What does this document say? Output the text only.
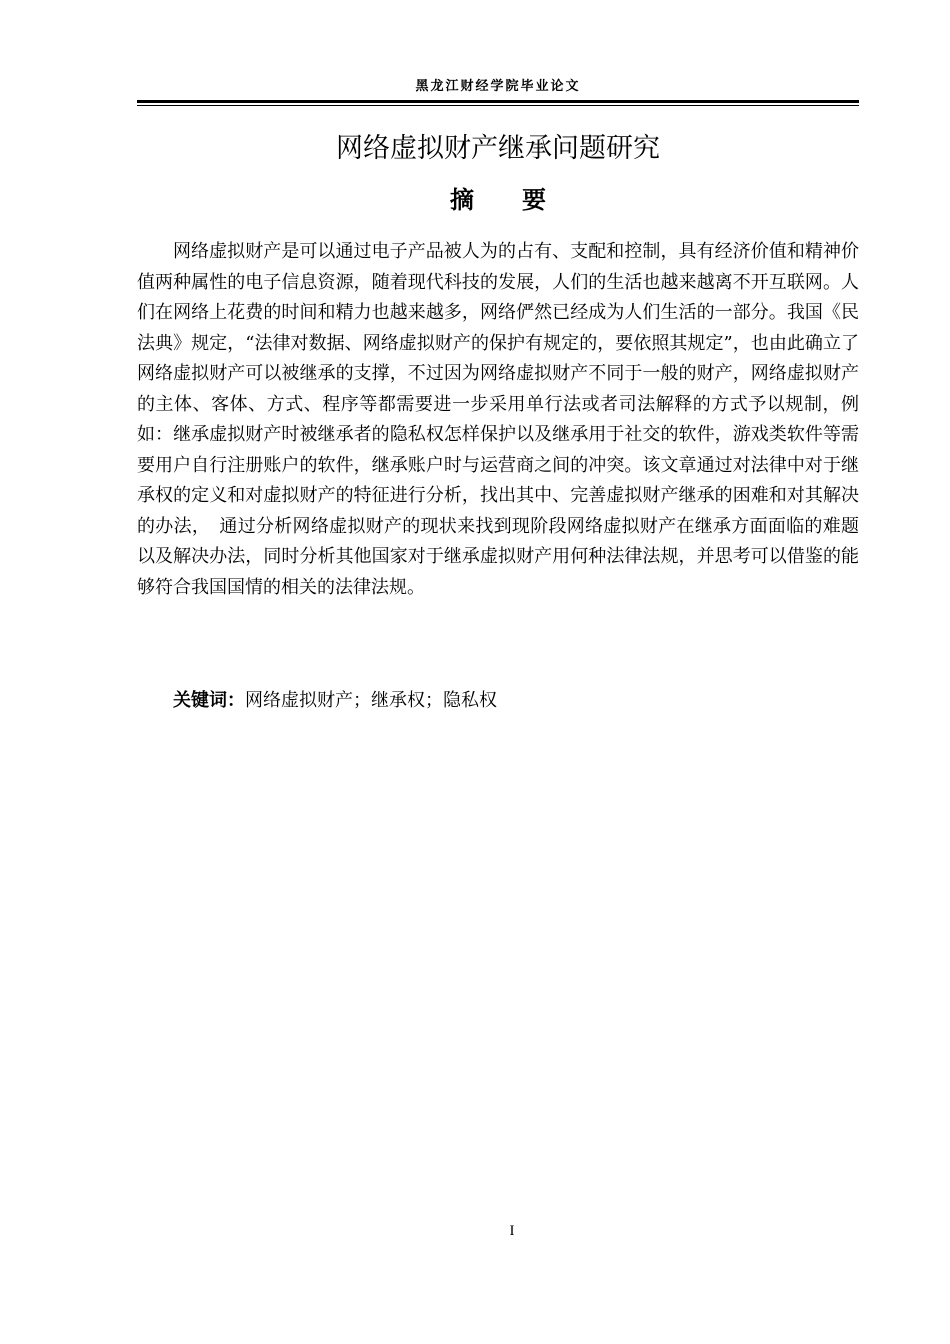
黑龙江财经学院毕业论文
网络虚拟财产继承问题研究
摘 要

网络虚拟财产是可以通过电子产品被人为的占有、支配和控制，具有经济价值和精神价值两种属性的电子信息资源，随着现代科技的发展，人们的生活也越来越离不开互联网。人们在网络上花费的时间和精力也越来越多，网络俨然已经成为人们生活的一部分。我国《民法典》规定，“法律对数据、网络虚拟财产的保护有规定的，要依照其规定”，也由此确立了网络虚拟财产可以被继承的支撑，不过因为网络虚拟财产不同于一般的财产，网络虚拟财产的主体、客体、方式、程序等都需要进一步采用单行法或者司法解释的方式予以规制，例如：继承虚拟财产时被继承者的隐私权怎样保护以及继承用于社交的软件，游戏类软件等需要用户自行注册账户的软件，继承账户时与运营商之间的冲突。该文章通过对法律中对于继承权的定义和对虚拟财产的特征进行分析，找出其中、完善虚拟财产继承的困难和对其解决的办法，　通过分析网络虚拟财产的现状来找到现阶段网络虚拟财产在继承方面面临的难题以及解决办法，同时分析其他国家对于继承虚拟财产用何种法律法规，并思考可以借鉴的能够符合我国国情的相关的法律法规。

关键词：网络虚拟财产；继承权；隐私权
I
